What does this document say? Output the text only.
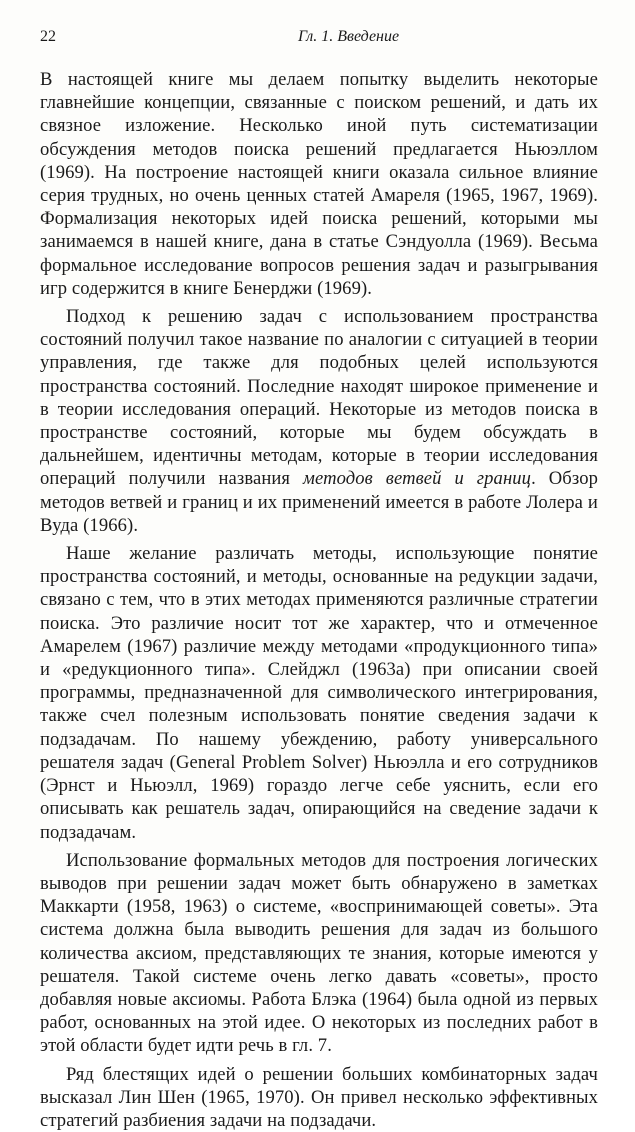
22	Гл. 1. Введение

В настоящей книге мы делаем попытку выделить некоторые главнейшие концепции, связанные с поиском решений, и дать их связное изложение. Несколько иной путь систематизации обсуждения методов поиска решений предлагается Ньюэллом (1969). На построение настоящей книги оказала сильное влияние серия трудных, но очень ценных статей Амареля (1965, 1967, 1969). Формализация некоторых идей поиска решений, которыми мы занимаемся в нашей книге, дана в статье Сэндуолла (1969). Весьма формальное исследование вопросов решения задач и разыгрывания игр содержится в книге Бенерджи (1969).

Подход к решению задач с использованием пространства состояний получил такое название по аналогии с ситуацией в теории управления, где также для подобных целей используются пространства состояний. Последние находят широкое применение и в теории исследования операций. Некоторые из методов поиска в пространстве состояний, которые мы будем обсуждать в дальнейшем, идентичны методам, которые в теории исследования операций получили названия методов ветвей и границ. Обзор методов ветвей и границ и их применений имеется в работе Лолера и Вуда (1966).

Наше желание различать методы, использующие понятие пространства состояний, и методы, основанные на редукции задачи, связано с тем, что в этих методах применяются различные стратегии поиска. Это различие носит тот же характер, что и отмеченное Амарелем (1967) различие между методами «продукционного типа» и «редукционного типа». Слейджл (1963а) при описании своей программы, предназначенной для символического интегрирования, также счел полезным использовать понятие сведения задачи к подзадачам. По нашему убеждению, работу универсального решателя задач (General Problem Solver) Ньюэлла и его сотрудников (Эрнст и Ньюэлл, 1969) гораздо легче себе уяснить, если его описывать как решатель задач, опирающийся на сведение задачи к подзадачам.

Использование формальных методов для построения логических выводов при решении задач может быть обнаружено в заметках Маккарти (1958, 1963) о системе, «воспринимающей советы». Эта система должна была выводить решения для задач из большого количества аксиом, представляющих те знания, которые имеются у решателя. Такой системе очень легко давать «советы», просто добавляя новые аксиомы. Работа Блэка (1964) была одной из первых работ, основанных на этой идее. О некоторых из последних работ в этой области будет идти речь в гл. 7.

Ряд блестящих идей о решении больших комбинаторных задач высказал Лин Шен (1965, 1970). Он привел несколько эффективных стратегий разбиения задачи на подзадачи.
